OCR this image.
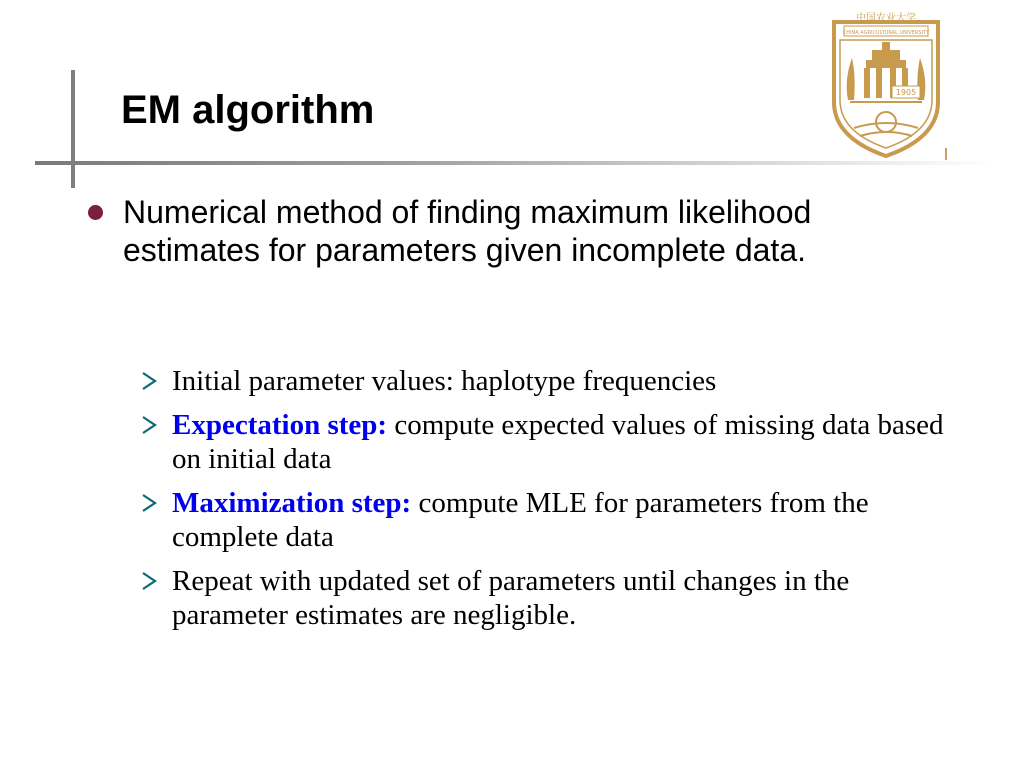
EM algorithm
中国农业大学
CHINA AGRICULTURAL UNIVERSITY
1905

Numerical method of finding maximum likelihood estimates for parameters given incomplete data.

Initial parameter values: haplotype frequencies
Expectation step: compute expected values of missing data based on initial data
Maximization step: compute MLE for parameters from the complete data
Repeat with updated set of parameters until changes in the parameter estimates are negligible.
